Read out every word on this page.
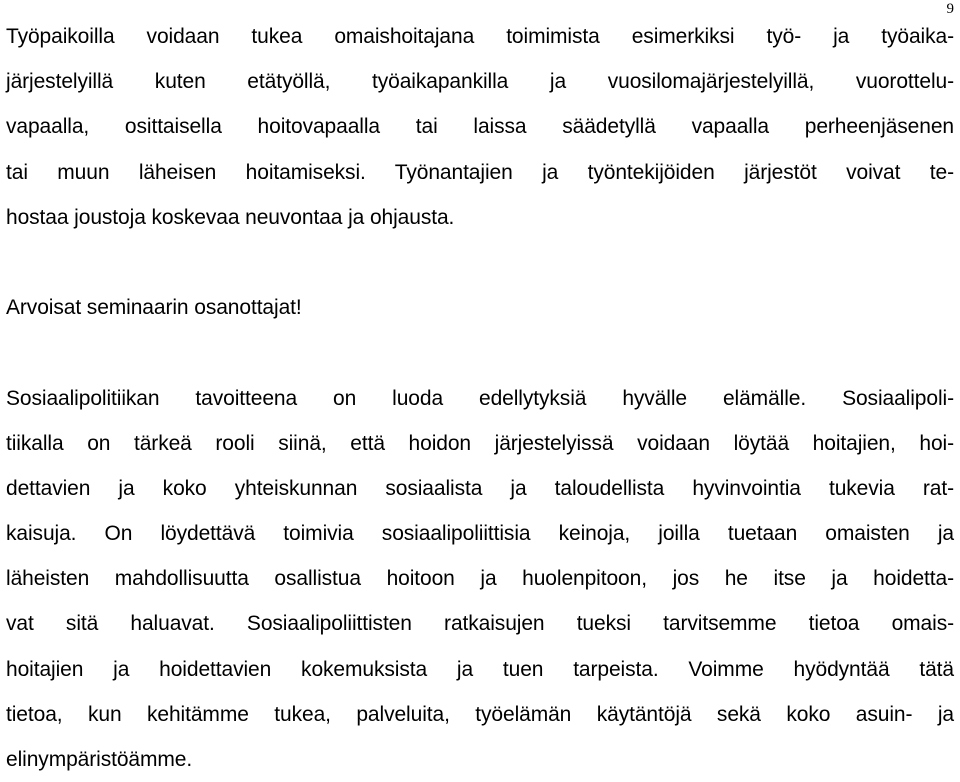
9
Työpaikoilla voidaan tukea omaishoitajana toimimista esimerkiksi työ- ja työaika-
järjestelyillä kuten etätyöllä, työaikapankilla ja vuosilomajärjestelyillä, vuorottelu-
vapaalla, osittaisella hoitovapaalla tai laissa säädetyllä vapaalla perheenjäsenen
tai muun läheisen hoitamiseksi. Työnantajien ja työntekijöiden järjestöt voivat te-
hostaa joustoja koskevaa neuvontaa ja ohjausta.
Arvoisat seminaarin osanottajat!
Sosiaalipolitiikan tavoitteena on luoda edellytyksiä hyvälle elämälle. Sosiaalipoli-
tiikalla on tärkeä rooli siinä, että hoidon järjestelyissä voidaan löytää hoitajien, hoi-
dettavien ja koko yhteiskunnan sosiaalista ja taloudellista hyvinvointia tukevia rat-
kaisuja. On löydettävä toimivia sosiaalipoliittisia keinoja, joilla tuetaan omaisten ja
läheisten mahdollisuutta osallistua hoitoon ja huolenpitoon, jos he itse ja hoidetta-
vat sitä haluavat. Sosiaalipoliittisten ratkaisujen tueksi tarvitsemme tietoa omais-
hoitajien ja hoidettavien kokemuksista ja tuen tarpeista. Voimme hyödyntää tätä
tietoa, kun kehitämme tukea, palveluita, työelämän käytäntöjä sekä koko asuin- ja
elinympäristöämme.
